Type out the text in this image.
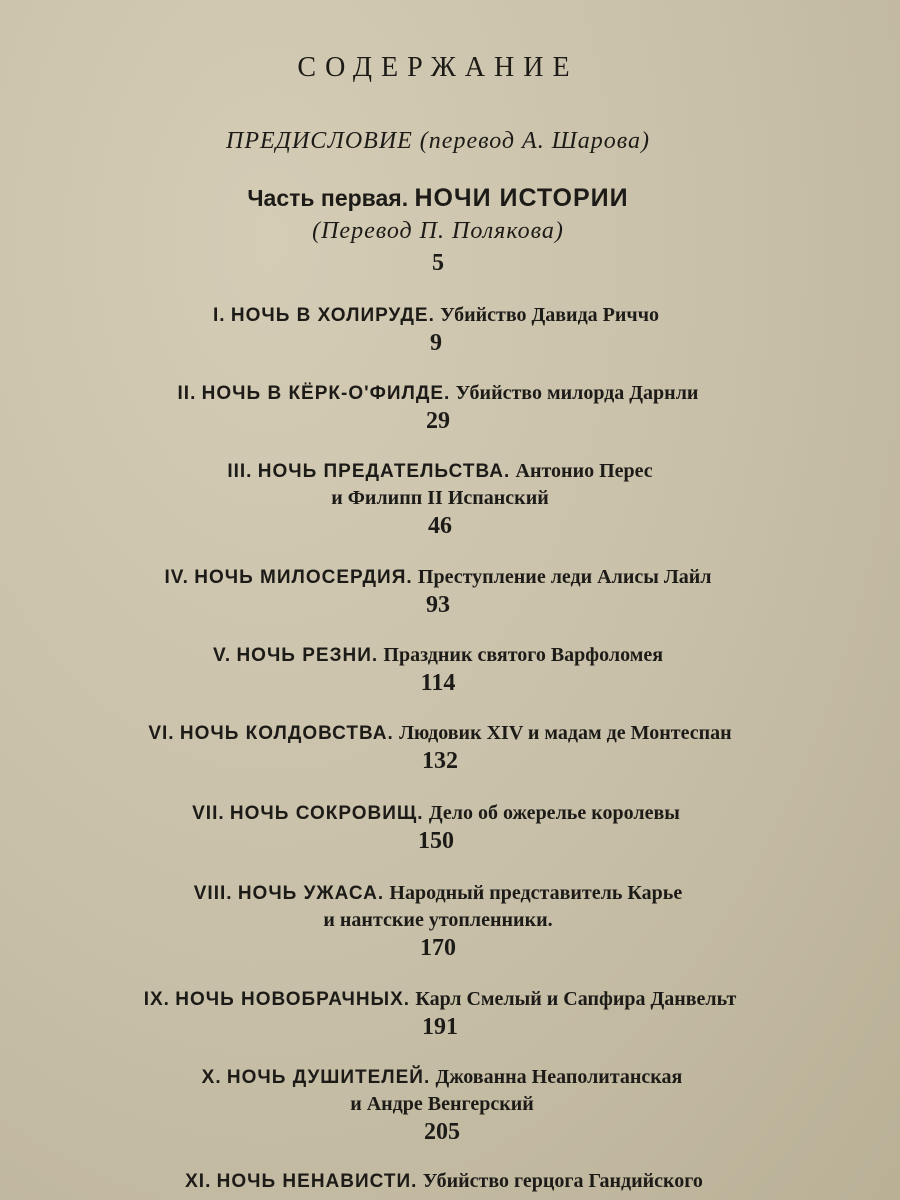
СОДЕРЖАНИЕ
ПРЕДИСЛОВИЕ (перевод А. Шарова)
Часть первая. НОЧИ ИСТОРИИ
(Перевод П. Полякова)
5
I. НОЧЬ В ХОЛИРУДЕ. Убийство Давида Риччо
9
II. НОЧЬ В КЁРК-О'ФИЛДЕ. Убийство милорда Дарнли
29
III. НОЧЬ ПРЕДАТЕЛЬСТВА. Антонио Перес
и Филипп II Испанский
46
IV. НОЧЬ МИЛОСЕРДИЯ. Преступление леди Алисы Лайл
93
V. НОЧЬ РЕЗНИ. Праздник святого Варфоломея
114
VI. НОЧЬ КОЛДОВСТВА. Людовик XIV и мадам де Монтеспан
132
VII. НОЧЬ СОКРОВИЩ. Дело об ожерелье королевы
150
VIII. НОЧЬ УЖАСА. Народный представитель Карье
и нантские утопленники.
170
IX. НОЧЬ НОВОБРАЧНЫХ. Карл Смелый и Сапфира Данвельт
191
X. НОЧЬ ДУШИТЕЛЕЙ. Джованна Неаполитанская
и Андре Венгерский
205
XI. НОЧЬ НЕНАВИСТИ. Убийство герцога Гандийского
